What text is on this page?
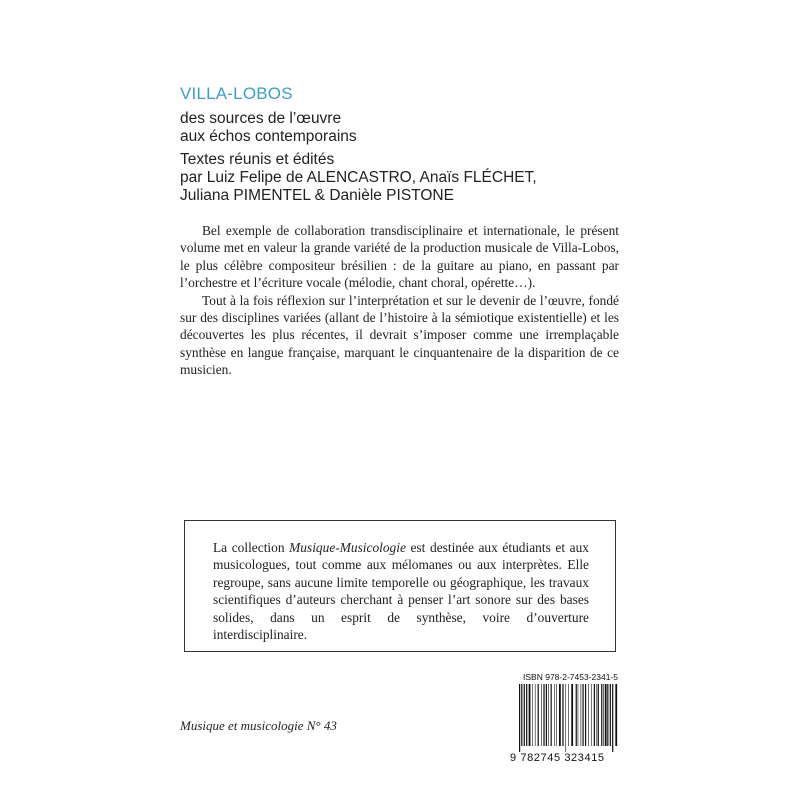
VILLA-LOBOS
des sources de l’œuvre
aux échos contemporains
Textes réunis et édités
par Luiz Felipe de ALENCASTRO, Anaïs FLÉCHET,
Juliana PIMENTEL & Danièle PISTONE

Bel exemple de collaboration transdisciplinaire et internationale, le présent volume met en valeur la grande variété de la production musicale de Villa-Lobos, le plus célèbre compositeur brésilien : de la guitare au piano, en passant par l’orchestre et l’écriture vocale (mélodie, chant choral, opérette…).

Tout à la fois réflexion sur l’interprétation et sur le devenir de l’œuvre, fondé sur des disciplines variées (allant de l’histoire à la sémiotique existentielle) et les découvertes les plus récentes, il devrait s’imposer comme une irremplaçable synthèse en langue française, marquant le cinquantenaire de la disparition de ce musicien.

La collection Musique-Musicologie est destinée aux étudiants et aux musicologues, tout comme aux mélomanes ou aux interprètes. Elle regroupe, sans aucune limite temporelle ou géographique, les travaux scientifiques d’auteurs cherchant à penser l’art sonore sur des bases solides, dans un esprit de synthèse, voire d’ouverture interdisciplinaire.
Musique et musicologie N° 43
ISBN 978-2-7453-2341-5
9 782745 323415
